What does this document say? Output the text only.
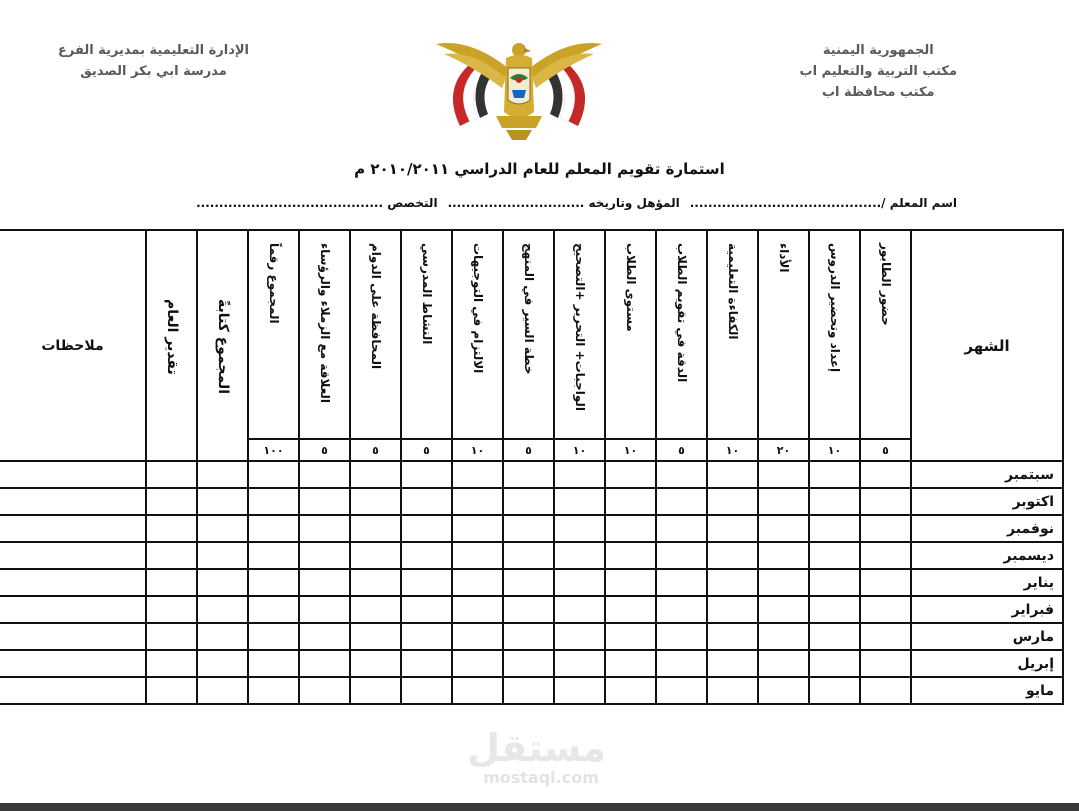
الجمهورية اليمنية
مكتب التربية والتعليم اب
مكتب محافظة اب
الإدارة التعليمية بمديرية الفرع
مدرسة ابي بكر الصديق
استمارة تقويم المعلم للعام الدراسي ٢٠١٠/٢٠١١ م
اسم المعلم /..........................................
المؤهل وتاريخه ..............................
التخصص .........................................
الشهر	حضور الطابور	إعداد وتحضير الدروس	الأداء	الكفاءة التعليمية	الدقة في تقويم الطلاب	مستوى الطلاب	الواجبات+ التحرير +التصحيح	خطة السير في المنهج	الالتزام في التوجيهات	النشاط المدرسي	المحافظة على الدوام	العلاقة مع الزملاء والرؤساء	المجموع رقماً	المجموع كتابةً	تقدير العام	ملاحظات
	٥	١٠	٢٠	١٠	٥	١٠	١٠	٥	١٠	٥	٥	٥	١٠٠			
سبتمبر																
اكتوبر																
نوفمبر																
ديسمبر																
يناير																
فبراير																
مارس																
إبريل																
مايو																
مستقل
mostaql.com
